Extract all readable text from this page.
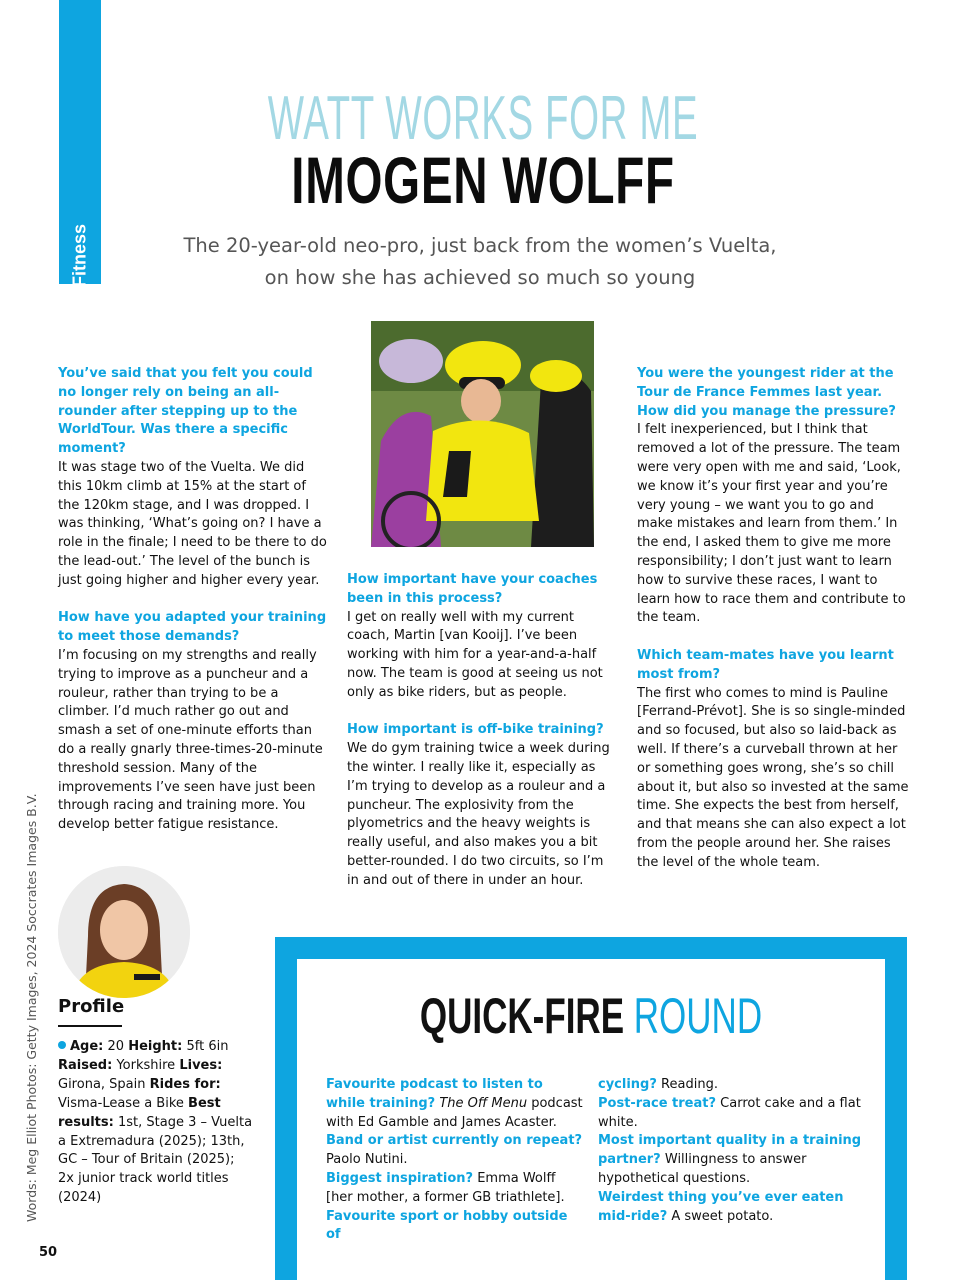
Fitness
WATT WORKS FOR ME
IMOGEN WOLFF
The 20-year-old neo-pro, just back from the women’s Vuelta,
on how she has achieved so much so young
You’ve said that you felt you could no longer rely on being an all-rounder after stepping up to the WorldTour. Was there a specific moment?
It was stage two of the Vuelta. We did this 10km climb at 15% at the start of the 120km stage, and I was dropped. I was thinking, ‘What’s going on? I have a role in the finale; I need to be there to do the lead-out.’ The level of the bunch is just going higher and higher every year.
How have you adapted your training to meet those demands?
I’m focusing on my strengths and really trying to improve as a puncheur and a rouleur, rather than trying to be a climber. I’d much rather go out and smash a set of one-minute efforts than do a really gnarly three-times-20-minute threshold session. Many of the improvements I’ve seen have just been through racing and training more. You develop better fatigue resistance.
How important have your coaches been in this process?
I get on really well with my current coach, Martin [van Kooij]. I’ve been working with him for a year-and-a-half now. The team is good at seeing us not only as bike riders, but as people.
How important is off-bike training?
We do gym training twice a week during the winter. I really like it, especially as I’m trying to develop as a rouleur and a puncheur. The explosivity from the plyometrics and the heavy weights is really useful, and also makes you a bit better-rounded. I do two circuits, so I’m in and out of there in under an hour.
You were the youngest rider at the Tour de France Femmes last year. How did you manage the pressure?
I felt inexperienced, but I think that removed a lot of the pressure. The team were very open with me and said, ‘Look, we know it’s your first year and you’re very young – we want you to go and make mistakes and learn from them.’ In the end, I asked them to give me more responsibility; I don’t just want to learn how to survive these races, I want to learn how to race them and contribute to the team.
Which team-mates have you learnt most from?
The first who comes to mind is Pauline [Ferrand-Prévot]. She is so single-minded and so focused, but also so laid-back as well. If there’s a curveball thrown at her or something goes wrong, she’s so chill about it, but also so invested at the same time. She expects the best from herself, and that means she can also expect a lot from the people around her. She raises the level of the whole team.
Words: Meg Elliot Photos: Getty Images, 2024 Soccrates Images B.V. Profile
Age: 20 Height: 5ft 6in Raised: Yorkshire Lives: Girona, Spain Rides for: Visma-Lease a Bike Best results: 1st, Stage 3 – Vuelta a Extremadura (2025); 13th, GC – Tour of Britain (2025); 2x junior track world titles (2024)
50
QUICK-FIRE ROUND
Favourite podcast to listen to while training? The Off Menu podcast with Ed Gamble and James Acaster.
Band or artist currently on repeat? Paolo Nutini.
Biggest inspiration? Emma Wolff [her mother, a former GB triathlete].
Favourite sport or hobby outside of
cycling? Reading.
Post-race treat? Carrot cake and a flat white.
Most important quality in a training partner? Willingness to answer hypothetical questions.
Weirdest thing you’ve ever eaten mid-ride? A sweet potato.
